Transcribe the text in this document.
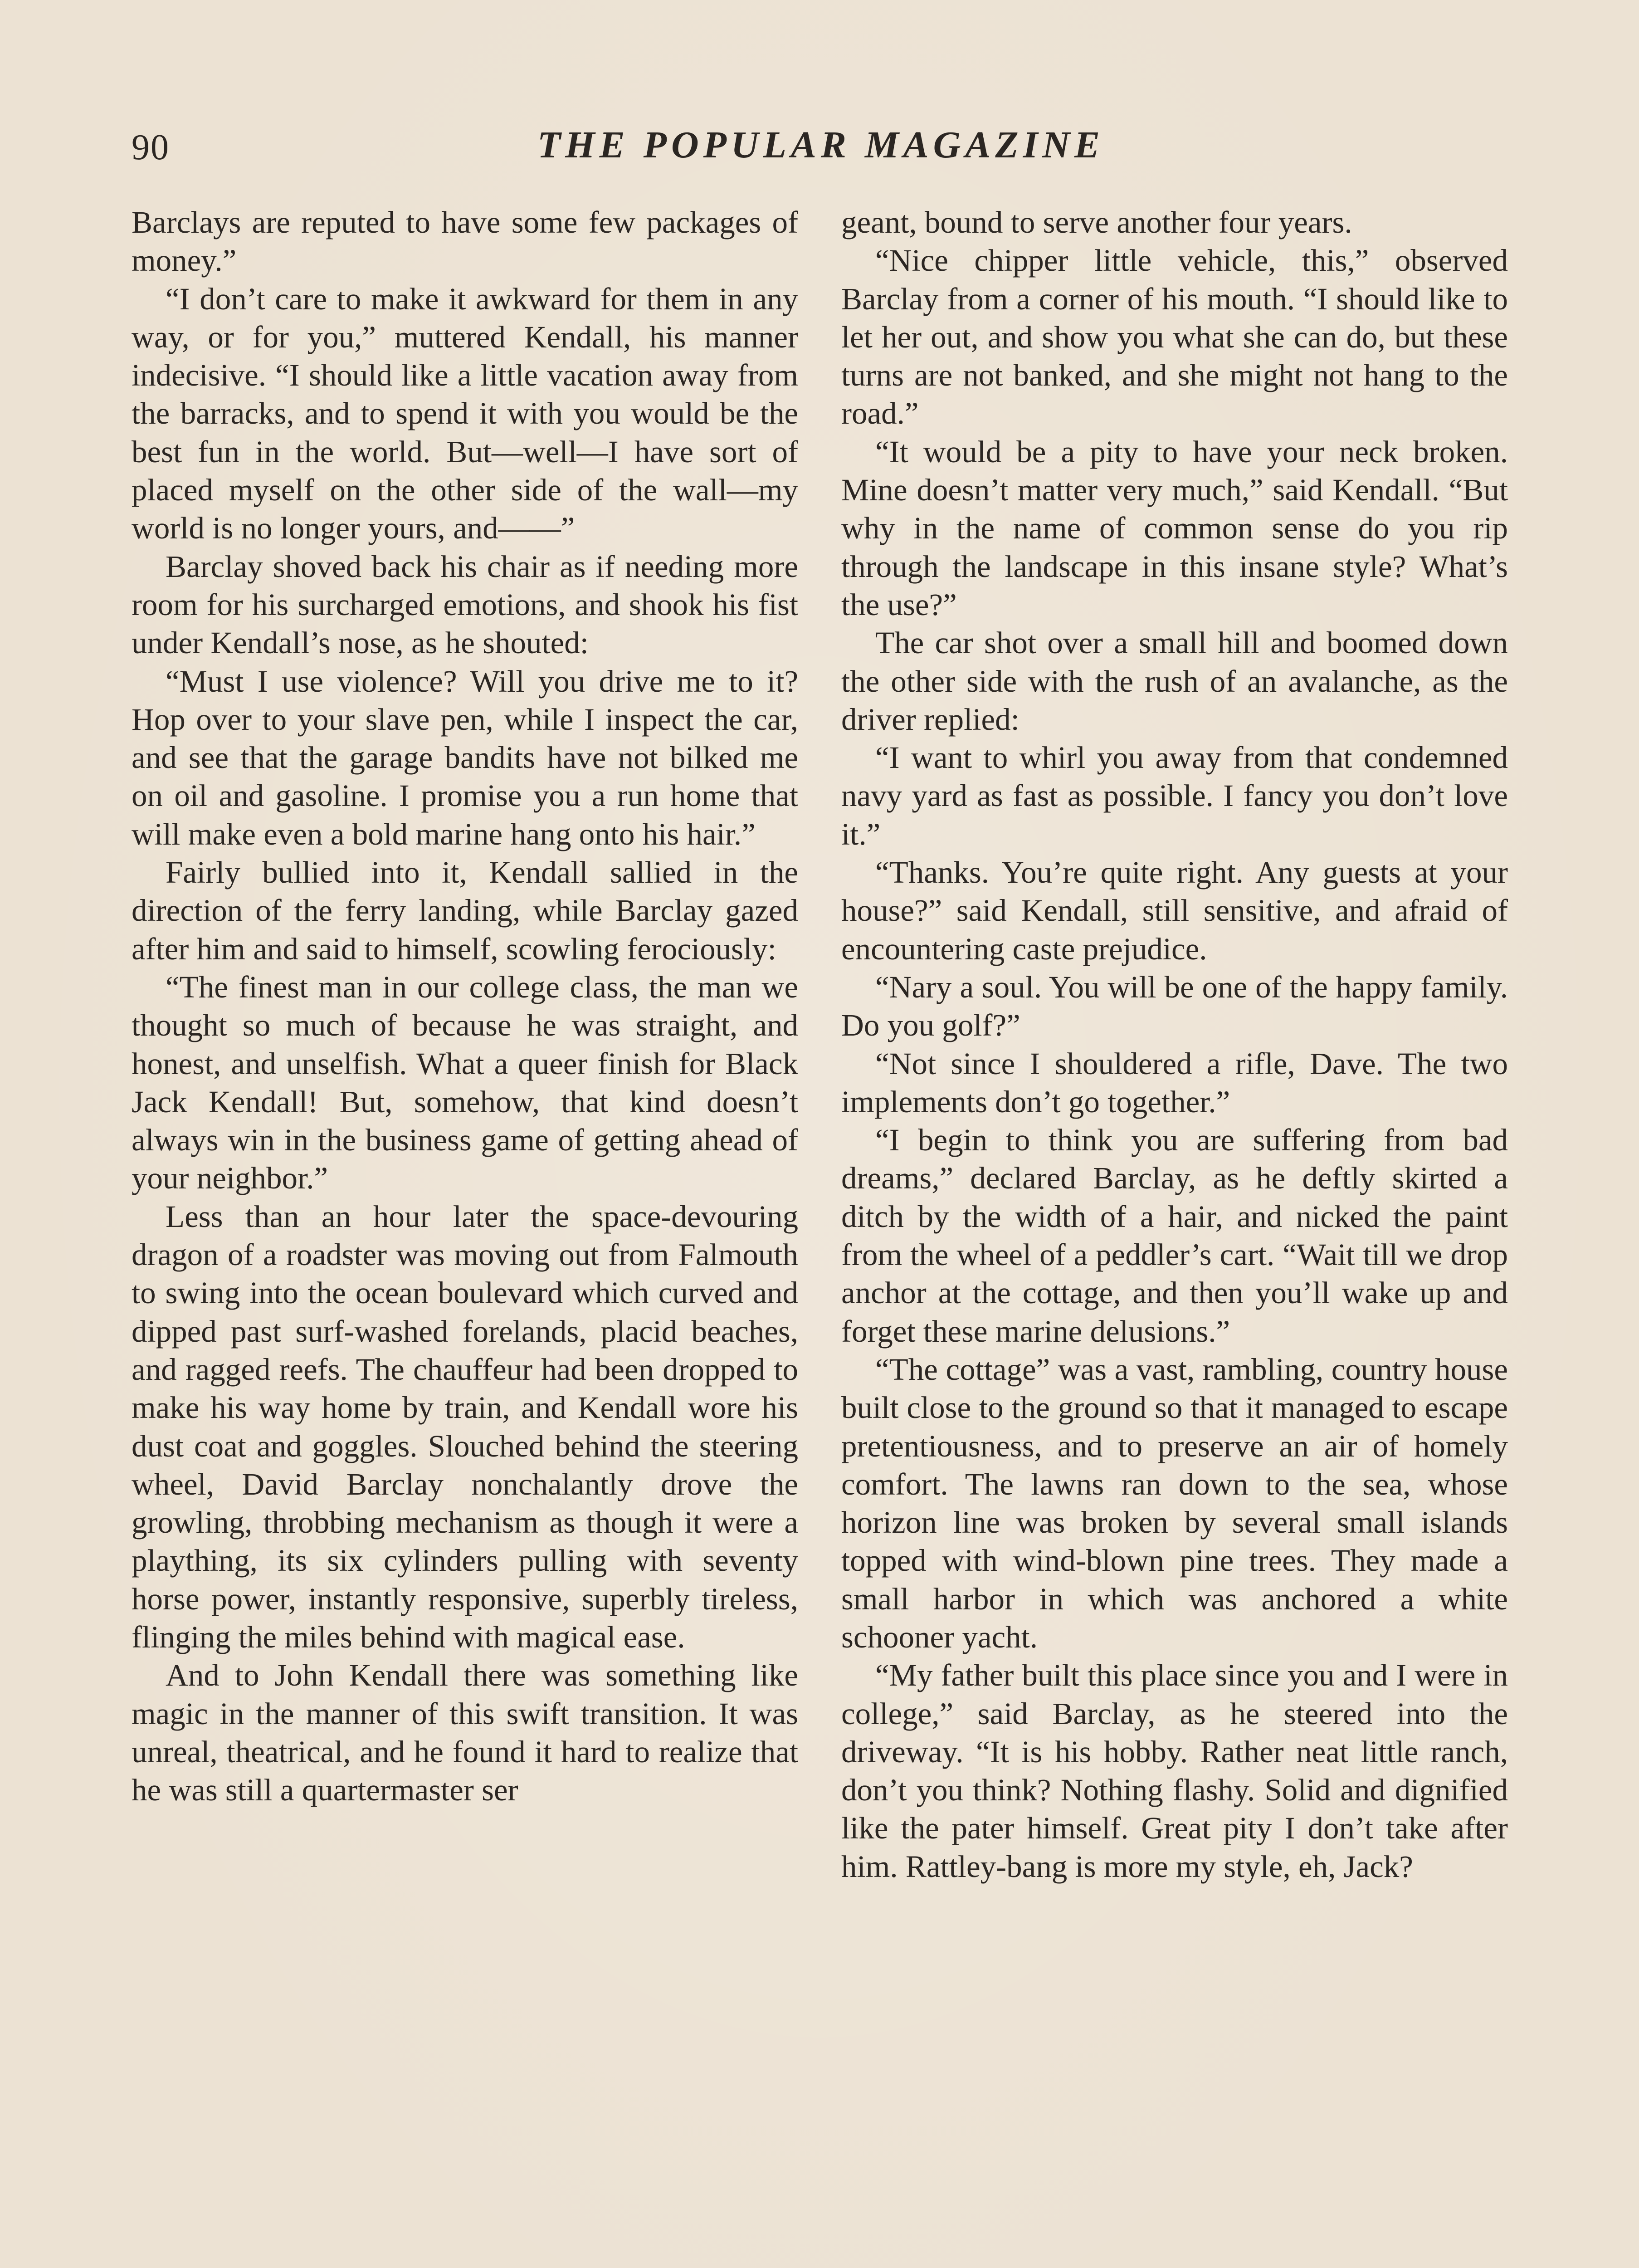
90	THE POPULAR MAGAZINE

Barclays are reputed to have some few packages of money.”

“I don’t care to make it awkward for them in any way, or for you,” muttered Kendall, his manner indecisive. “I should like a little vacation away from the barracks, and to spend it with you would be the best fun in the world. But—well—I have sort of placed myself on the other side of the wall—my world is no longer yours, and——”

Barclay shoved back his chair as if needing more room for his surcharged emotions, and shook his fist under Kendall’s nose, as he shouted:

“Must I use violence? Will you drive me to it? Hop over to your slave pen, while I inspect the car, and see that the garage bandits have not bilked me on oil and gasoline. I promise you a run home that will make even a bold marine hang onto his hair.”

Fairly bullied into it, Kendall sallied in the direction of the ferry landing, while Barclay gazed after him and said to himself, scowling ferociously:

“The finest man in our college class, the man we thought so much of because he was straight, and honest, and unselfish. What a queer finish for Black Jack Kendall! But, somehow, that kind doesn’t always win in the business game of getting ahead of your neighbor.”

Less than an hour later the space-devouring dragon of a roadster was moving out from Falmouth to swing into the ocean boulevard which curved and dipped past surf-washed forelands, placid beaches, and ragged reefs. The chauffeur had been dropped to make his way home by train, and Kendall wore his dust coat and goggles. Slouched behind the steering wheel, David Barclay nonchalantly drove the growling, throbbing mechanism as though it were a plaything, its six cylinders pulling with seventy horse power, instantly responsive, superbly tireless, flinging the miles behind with magical ease.

And to John Kendall there was something like magic in the manner of this swift transition. It was unreal, theatrical, and he found it hard to realize that he was still a quartermaster ser

geant, bound to serve another four years.

“Nice chipper little vehicle, this,” observed Barclay from a corner of his mouth. “I should like to let her out, and show you what she can do, but these turns are not banked, and she might not hang to the road.”

“It would be a pity to have your neck broken. Mine doesn’t matter very much,” said Kendall. “But why in the name of common sense do you rip through the landscape in this insane style? What’s the use?”

The car shot over a small hill and boomed down the other side with the rush of an avalanche, as the driver replied:

“I want to whirl you away from that condemned navy yard as fast as possible. I fancy you don’t love it.”

“Thanks. You’re quite right. Any guests at your house?” said Kendall, still sensitive, and afraid of encountering caste prejudice.

“Nary a soul. You will be one of the happy family. Do you golf?”

“Not since I shouldered a rifle, Dave. The two implements don’t go together.”

“I begin to think you are suffering from bad dreams,” declared Barclay, as he deftly skirted a ditch by the width of a hair, and nicked the paint from the wheel of a peddler’s cart. “Wait till we drop anchor at the cottage, and then you’ll wake up and forget these marine delusions.”

“The cottage” was a vast, rambling, country house built close to the ground so that it managed to escape pretentiousness, and to preserve an air of homely comfort. The lawns ran down to the sea, whose horizon line was broken by several small islands topped with wind-blown pine trees. They made a small harbor in which was anchored a white schooner yacht.

“My father built this place since you and I were in college,” said Barclay, as he steered into the driveway. “It is his hobby. Rather neat little ranch, don’t you think? Nothing flashy. Solid and dignified like the pater himself. Great pity I don’t take after him. Rattley-bang is more my style, eh, Jack?
